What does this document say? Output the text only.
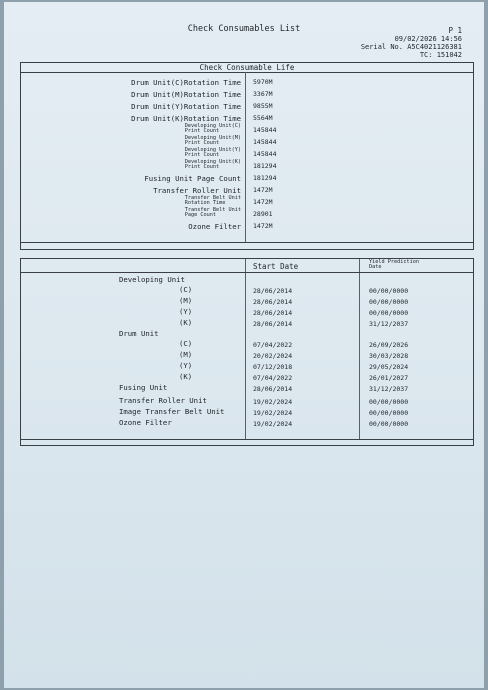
Check Consumables List	P 1
09/02/2026 14:56
Serial No. A5C4021126381
TC: 151042
Check Consumable Life
Drum Unit(C)Rotation Time 5970M
Drum Unit(M)Rotation Time 3367M
Drum Unit(Y)Rotation Time 9855M
Drum Unit(K)Rotation Time 5564M
Developing Unit(C)
Print Count	145844
Developing Unit(M)
Print Count	145844
Developing Unit(Y)
Print Count	145844
Developing Unit(K)
Print Count	181294
Fusing Unit Page Count 181294
Transfer Roller Unit 1472M
Transfer Belt Unit
Rotation Time	1472M
Transfer Belt Unit
Page Count	28901
Ozone Filter 1472M
Start Date	Yield Prediction
Date
Developing Unit
(C)	28/06/2014	00/00/0000
(M)	28/06/2014	00/00/0000
(Y)	28/06/2014	00/00/0000
(K)	28/06/2014	31/12/2037
Drum Unit
(C)	07/04/2022	26/09/2026
(M)	20/02/2024	30/03/2028
(Y)	07/12/2018	29/05/2024
(K)	07/04/2022	26/01/2027
Fusing Unit	28/06/2014	31/12/2037
Transfer Roller Unit	19/02/2024	00/00/0000
Image Transfer Belt Unit	19/02/2024	00/00/0000
Ozone Filter	19/02/2024	00/00/0000
